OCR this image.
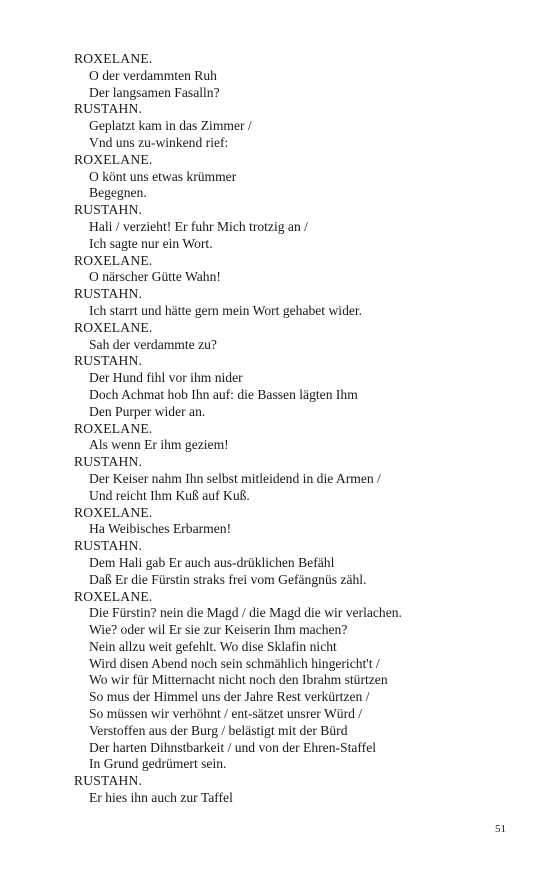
ROXELANE.
O der verdammten Ruh
Der langsamen Fasalln?
RUSTAHN.
Geplatzt kam in das Zimmer /
Vnd uns zu-winkend rief:
ROXELANE.
O könt uns etwas krümmer
Begegnen.
RUSTAHN.
Hali / verzieht! Er fuhr Mich trotzig an /
Ich sagte nur ein Wort.
ROXELANE.
O närscher Gütte Wahn!
RUSTAHN.
Ich starrt und hätte gern mein Wort gehabet wider.
ROXELANE.
Sah der verdammte zu?
RUSTAHN.
Der Hund fihl vor ihm nider
Doch Achmat hob Ihn auf: die Bassen lägten Ihm
Den Purper wider an.
ROXELANE.
Als wenn Er ihm geziem!
RUSTAHN.
Der Keiser nahm Ihn selbst mitleidend in die Armen /
Und reicht Ihm Kuß auf Kuß.
ROXELANE.
Ha Weibisches Erbarmen!
RUSTAHN.
Dem Hali gab Er auch aus-drüklichen Befähl
Daß Er die Fürstin straks frei vom Gefängnüs zähl.
ROXELANE.
Die Fürstin? nein die Magd / die Magd die wir verlachen.
Wie? oder wil Er sie zur Keiserin Ihm machen?
Nein allzu weit gefehlt. Wo dise Sklafin nicht
Wird disen Abend noch sein schmählich hingericht't /
Wo wir für Mitternacht nicht noch den Ibrahm stürtzen
So mus der Himmel uns der Jahre Rest verkürtzen /
So müssen wir verhöhnt / ent-sätzet unsrer Würd /
Verstoffen aus der Burg / belästigt mit der Bürd
Der harten Dihnstbarkeit / und von der Ehren-Staffel
In Grund gedrümert sein.
RUSTAHN.
Er hies ihn auch zur Taffel
51
